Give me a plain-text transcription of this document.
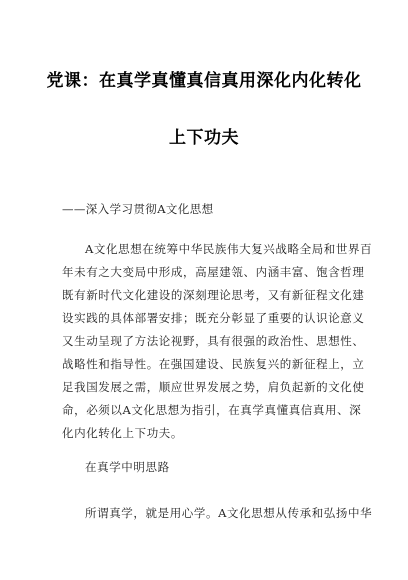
党课：在真学真懂真信真用深化内化转化
上下功夫
——深入学习贯彻A文化思想
A文化思想在统筹中华民族伟大复兴战略全局和世界百
年未有之大变局中形成，高屋建瓴、内涵丰富、饱含哲理
既有新时代文化建设的深刻理论思考，又有新征程文化建
设实践的具体部署安排；既充分彰显了重要的认识论意义
又生动呈现了方法论视野，具有很强的政治性、思想性、
战略性和指导性。在强国建设、民族复兴的新征程上，立
足我国发展之需，顺应世界发展之势，肩负起新的文化使
命，必须以A文化思想为指引，在真学真懂真信真用、深
化内化转化上下功夫。
在真学中明思路
所谓真学，就是用心学。A文化思想从传承和弘扬中华
